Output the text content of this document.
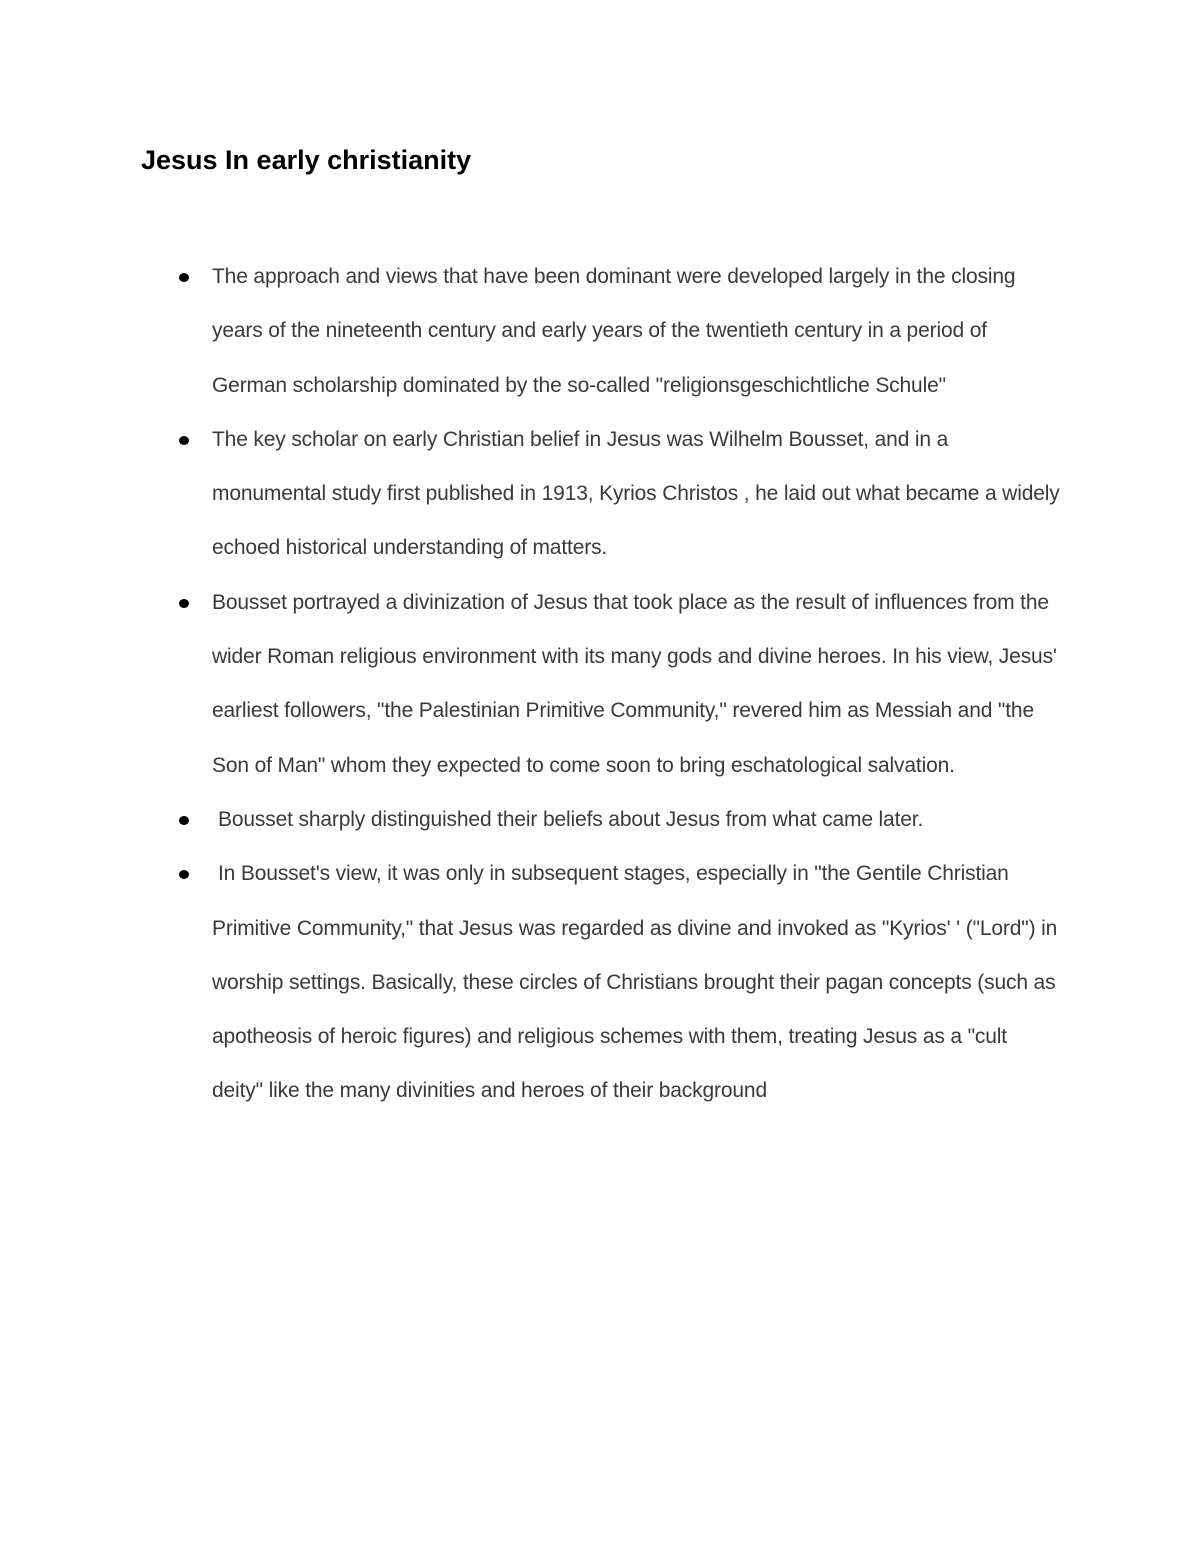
Jesus In early christianity
The approach and views that have been dominant were developed largely in the closing years of the nineteenth century and early years of the twentieth century in a period of German scholarship dominated by the so-called "religionsgeschichtliche Schule"
The key scholar on early Christian belief in Jesus was Wilhelm Bousset, and in a monumental study first published in 1913, Kyrios Christos , he laid out what became a widely echoed historical understanding of matters.
Bousset portrayed a divinization of Jesus that took place as the result of influences from the wider Roman religious environment with its many gods and divine heroes. In his view, Jesus' earliest followers, "the Palestinian Primitive Community," revered him as Messiah and "the Son of Man" whom they expected to come soon to bring eschatological salvation.
Bousset sharply distinguished their beliefs about Jesus from what came later.
In Bousset's view, it was only in subsequent stages, especially in "the Gentile Christian Primitive Community," that Jesus was regarded as divine and invoked as "Kyrios' ' ("Lord") in worship settings. Basically, these circles of Christians brought their pagan concepts (such as apotheosis of heroic figures) and religious schemes with them, treating Jesus as a "cult deity" like the many divinities and heroes of their background
